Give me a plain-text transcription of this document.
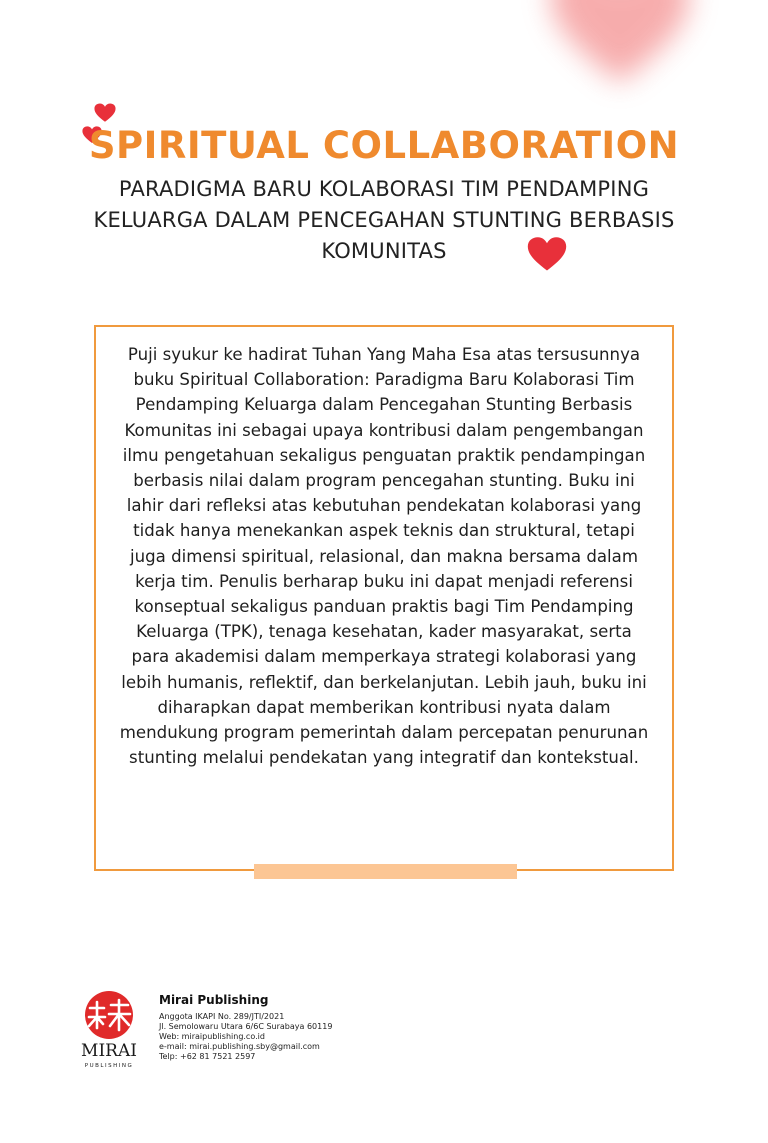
SPIRITUAL COLLABORATION
PARADIGMA BARU KOLABORASI TIM PENDAMPING KELUARGA DALAM PENCEGAHAN STUNTING BERBASIS KOMUNITAS
Puji syukur ke hadirat Tuhan Yang Maha Esa atas tersusunnya buku Spiritual Collaboration: Paradigma Baru Kolaborasi Tim Pendamping Keluarga dalam Pencegahan Stunting Berbasis Komunitas ini sebagai upaya kontribusi dalam pengembangan ilmu pengetahuan sekaligus penguatan praktik pendampingan berbasis nilai dalam program pencegahan stunting. Buku ini lahir dari refleksi atas kebutuhan pendekatan kolaborasi yang tidak hanya menekankan aspek teknis dan struktural, tetapi juga dimensi spiritual, relasional, dan makna bersama dalam kerja tim. Penulis berharap buku ini dapat menjadi referensi konseptual sekaligus panduan praktis bagi Tim Pendamping Keluarga (TPK), tenaga kesehatan, kader masyarakat, serta para akademisi dalam memperkaya strategi kolaborasi yang lebih humanis, reflektif, dan berkelanjutan. Lebih jauh, buku ini diharapkan dapat memberikan kontribusi nyata dalam mendukung program pemerintah dalam percepatan penurunan stunting melalui pendekatan yang integratif dan kontekstual.
MIRAI
PUBLISHING
Mirai Publishing
Anggota IKAPI No. 289/JTI/2021
Jl. Semolowaru Utara 6/6C Surabaya 60119
Web: miraipublishing.co.id
e-mail: mirai.publishing.sby@gmail.com
Telp: +62 81 7521 2597
